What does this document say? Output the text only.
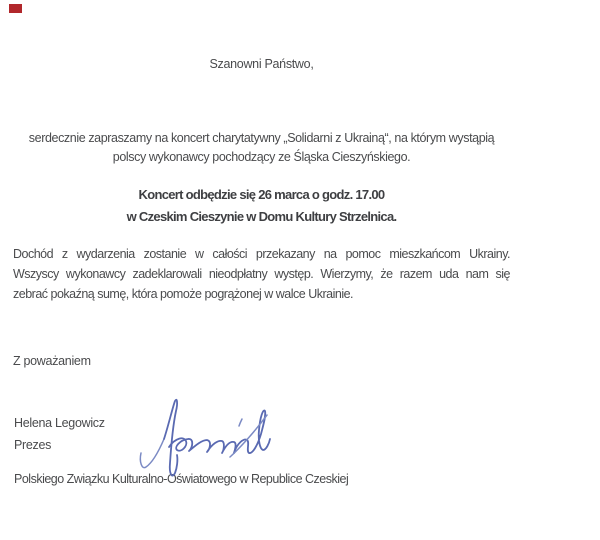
Szanowni Państwo,
serdecznie zapraszamy na koncert charytatywny „Solidarni z Ukrainą“, na którym wystąpią
polscy wykonawcy pochodzący ze Śląska Cieszyńskiego.
Koncert odbędzie się 26 marca o godz. 17.00
w Czeskim Cieszynie w Domu Kultury Strzelnica.
Dochód z wydarzenia zostanie w całości przekazany na pomoc mieszkańcom Ukrainy.
Wszyscy wykonawcy zadeklarowali nieodpłatny występ. Wierzymy, że razem uda nam się
zebrać pokaźną sumę, która pomoże pogrążonej w walce Ukrainie.
Z poważaniem
Helena Legowicz
Prezes
Polskiego Związku Kulturalno-Oświatowego w Republice Czeskiej
